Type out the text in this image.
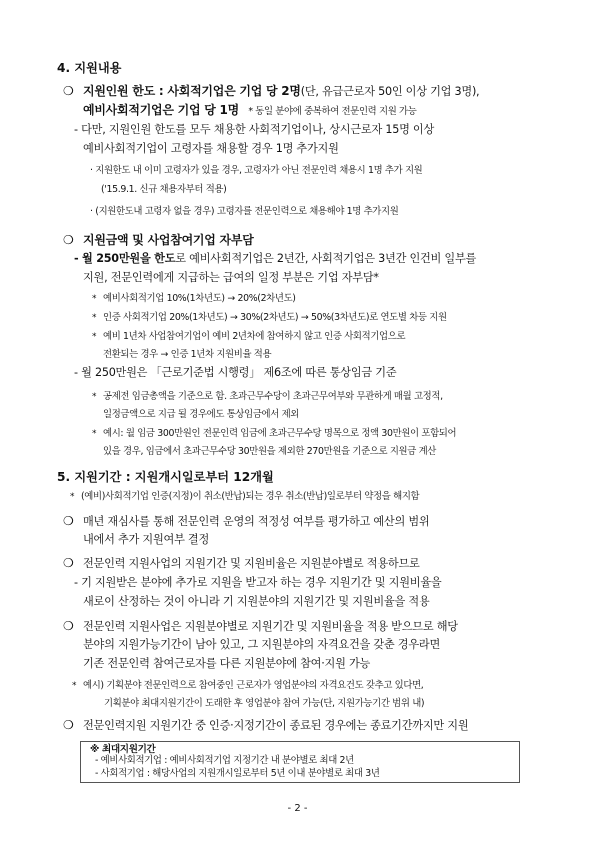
4. 지원내용
❍ 지원인원 한도 : 사회적기업은 기업 당 2명(단, 유급근로자 50인 이상 기업 3명),
예비사회적기업은 기업 당 1명 * 동일 분야에 중복하여 전문인력 지원 가능
- 다만, 지원인원 한도를 모두 채용한 사회적기업이나, 상시근로자 15명 이상
예비사회적기업이 고령자를 채용할 경우 1명 추가지원
· 지원한도 내 이미 고령자가 있을 경우, 고령자가 아닌 전문인력 채용시 1명 추가 지원
('15.9.1. 신규 채용자부터 적용)
· (지원한도내 고령자 없을 경우) 고령자를 전문인력으로 채용해야 1명 추가지원
❍ 지원금액 및 사업참여기업 자부담
- 월 250만원을 한도로 예비사회적기업은 2년간, 사회적기업은 3년간 인건비 일부를
지원, 전문인력에게 지급하는 급여의 일정 부분은 기업 자부담*
* 예비사회적기업 10%(1차년도) → 20%(2차년도)
* 인증 사회적기업 20%(1차년도) → 30%(2차년도) → 50%(3차년도)로 연도별 차등 지원
* 예비 1년차 사업참여기업이 예비 2년차에 참여하지 않고 인증 사회적기업으로
전환되는 경우 → 인증 1년차 지원비율 적용
- 월 250만원은 「근로기준법 시행령」 제6조에 따른 통상임금 기준
* 공제전 임금총액을 기준으로 함. 초과근무수당이 초과근무여부와 무관하게 매월 고정적,
일정금액으로 지급 될 경우에도 통상임금에서 제외
* 예시: 월 임금 300만원인 전문인력 임금에 초과근무수당 명목으로 정액 30만원이 포함되어
있을 경우, 임금에서 초과근무수당 30만원을 제외한 270만원을 기준으로 지원금 계산
5. 지원기간 : 지원개시일로부터 12개월
* (예비)사회적기업 인증(지정)이 취소(반납)되는 경우 취소(반납)일로부터 약정을 해지함
❍ 매년 재심사를 통해 전문인력 운영의 적정성 여부를 평가하고 예산의 범위
내에서 추가 지원여부 결정
❍ 전문인력 지원사업의 지원기간 및 지원비율은 지원분야별로 적용하므로
- 기 지원받은 분야에 추가로 지원을 받고자 하는 경우 지원기간 및 지원비율을
새로이 산정하는 것이 아니라 기 지원분야의 지원기간 및 지원비율을 적용
❍ 전문인력 지원사업은 지원분야별로 지원기간 및 지원비율을 적용 받으므로 해당
분야의 지원가능기간이 남아 있고, 그 지원분야의 자격요건을 갖춘 경우라면
기존 전문인력 참여근로자를 다른 지원분야에 참여·지원 가능
* 예시) 기획분야 전문인력으로 참여중인 근로자가 영업분야의 자격요건도 갖추고 있다면,
기획분야 최대지원기간이 도래한 후 영업분야 참여 가능(단, 지원가능기간 범위 내)
❍ 전문인력지원 지원기간 중 인증·지정기간이 종료된 경우에는 종료기간까지만 지원
※ 최대지원기간
- 예비사회적기업 : 예비사회적기업 지정기간 내 분야별로 최대 2년
- 사회적기업 : 해당사업의 지원개시일로부터 5년 이내 분야별로 최대 3년
- 2 -
